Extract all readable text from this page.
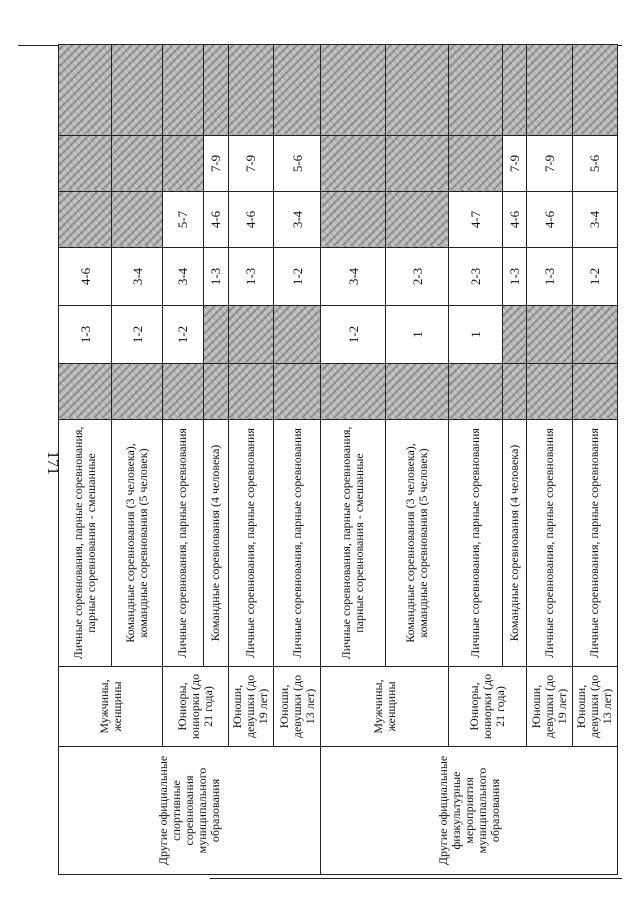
171
Другие официальные спортивные соревнования муниципального образования	Мужчины, женщины	Личные соревнования, парные соревнования, парные соревнования - смешанные		1-3	4-6			
		Командные соревнования (3 человека), командные соревнования (5 человек)		1-2	3-4			
	Юниоры, юниорки (до 21 года)	Личные соревнования, парные соревнования		1-2	3-4	5-7		
		Командные соревнования (4 человека)			1-3	4-6	7-9	
	Юноши, девушки (до 19 лет)	Личные соревнования, парные соревнования			1-3	4-6	7-9	
	Юноши, девушки (до 13 лет)	Личные соревнования, парные соревнования			1-2	3-4	5-6	
Другие официальные физкультурные мероприятия муниципального образования	Мужчины, женщины	Личные соревнования, парные соревнования, парные соревнования - смешанные		1-2	3-4			
		Командные соревнования (3 человека), командные соревнования (5 человек)		1	2-3			
	Юниоры, юниорки (до 21 года)	Личные соревнования, парные соревнования		1	2-3	4-7		
		Командные соревнования (4 человека)			1-3	4-6	7-9	
	Юноши, девушки (до 19 лет)	Личные соревнования, парные соревнования			1-3	4-6	7-9	
	Юноши, девушки (до 13 лет)	Личные соревнования, парные соревнования			1-2	3-4	5-6	
